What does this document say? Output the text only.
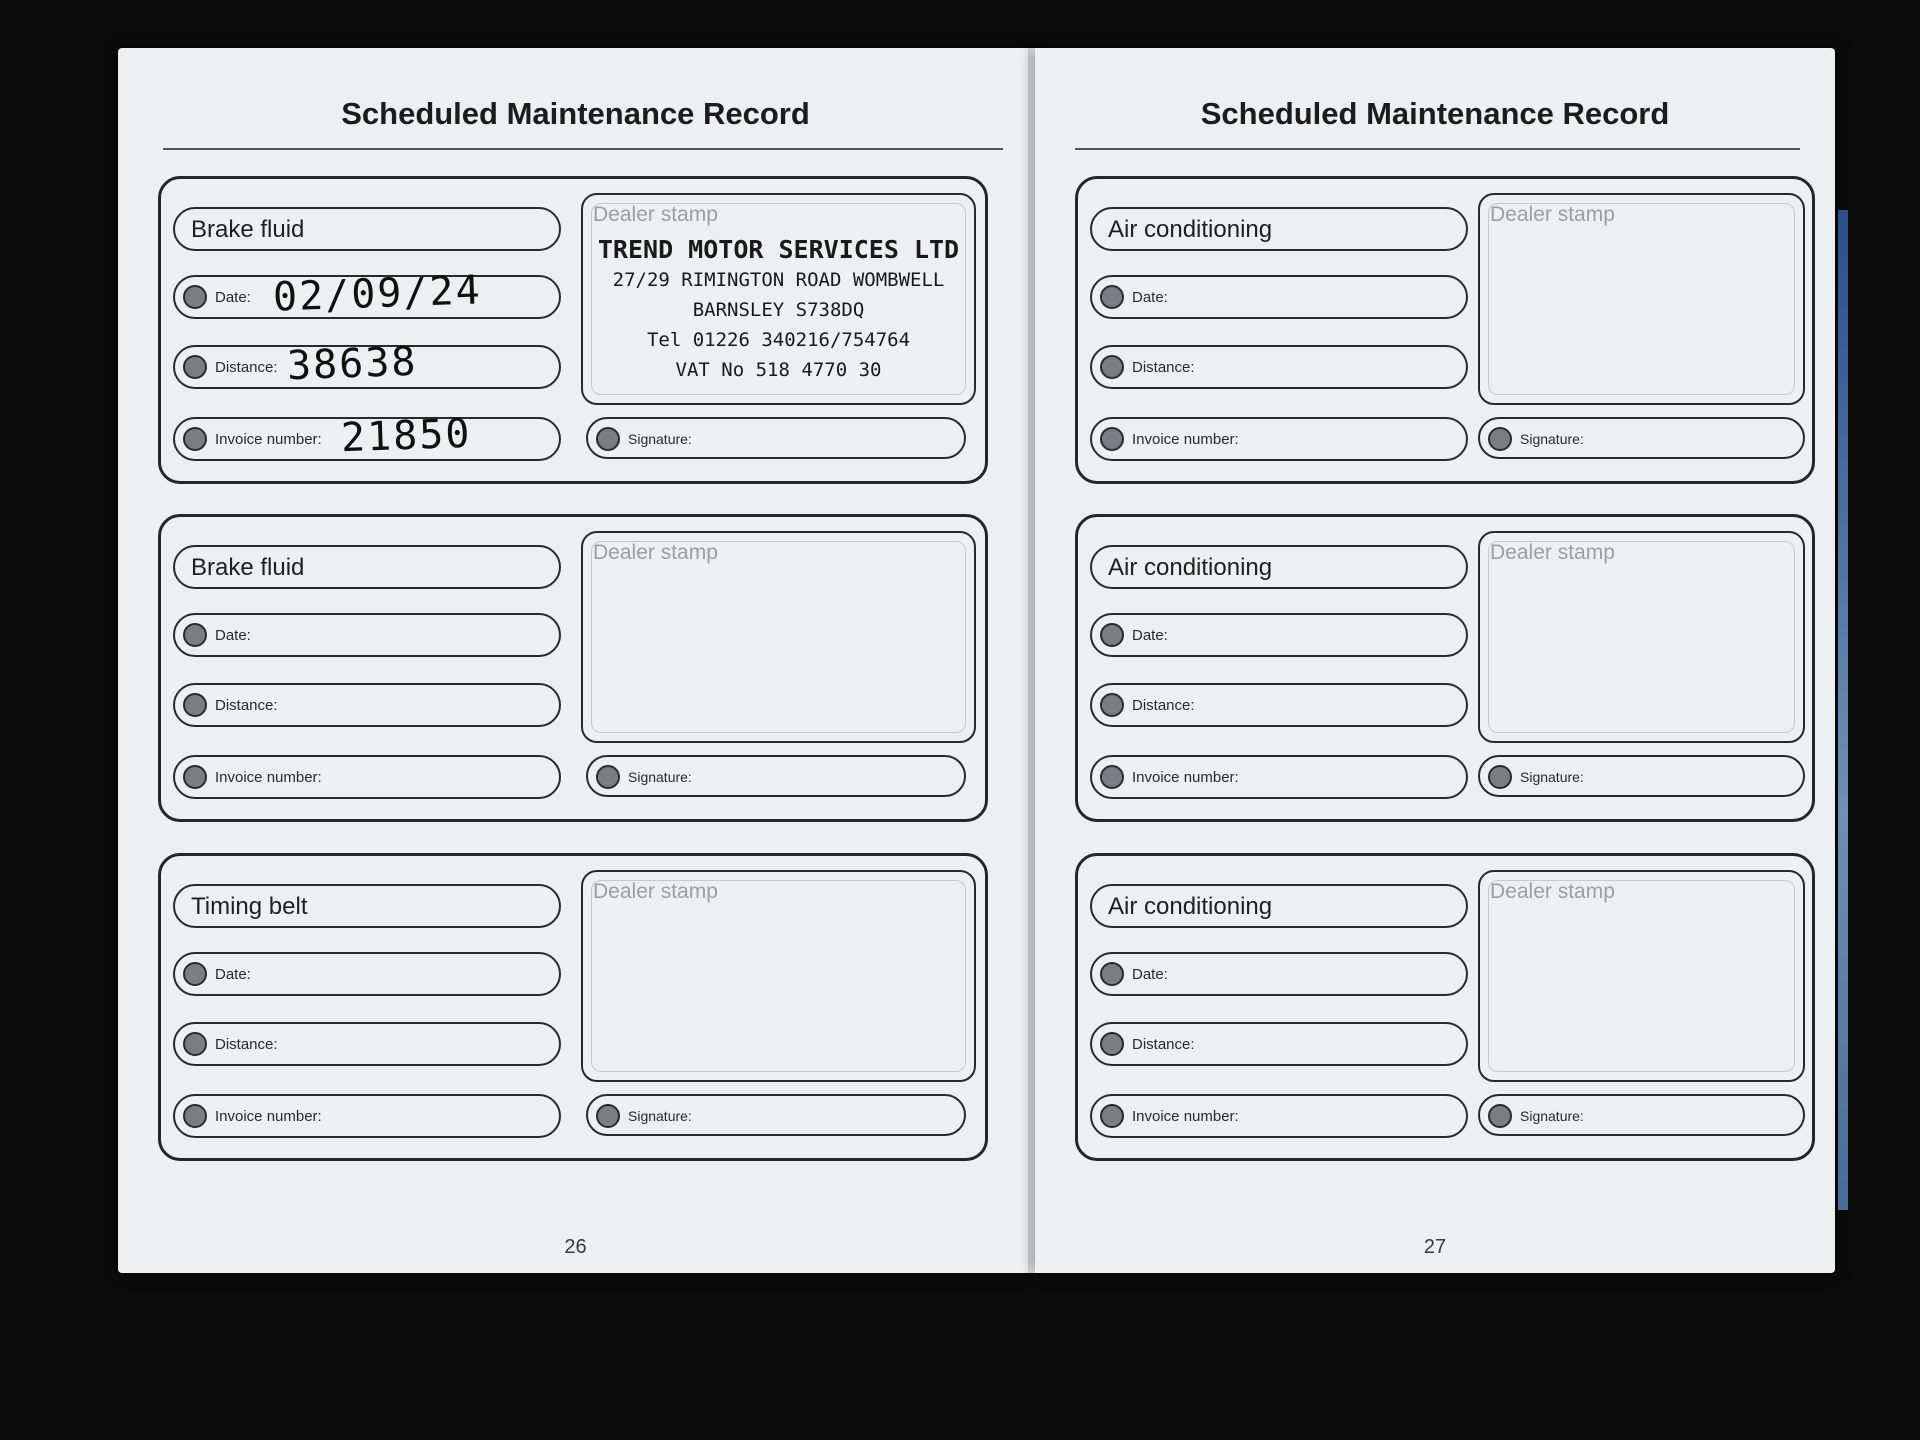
Scheduled Maintenance Record
Brake fluid
Date: 02/09/24
Distance: 38638
Invoice number: 21850
Dealer stamp
TREND MOTOR SERVICES LTD
27/29 RIMINGTON ROAD WOMBWELL
BARNSLEY S738DQ
Tel 01226 340216/754764
VAT No 518 4770 30
Signature:
Brake fluid
Date:
Distance:
Invoice number:
Dealer stamp
Signature:
Timing belt
Date:
Distance:
Invoice number:
Dealer stamp
Signature:
26
Scheduled Maintenance Record
Air conditioning
Date:
Distance:
Invoice number:
Dealer stamp
Signature:
Air conditioning
Date:
Distance:
Invoice number:
Dealer stamp
Signature:
Air conditioning
Date:
Distance:
Invoice number:
Dealer stamp
Signature:
27
